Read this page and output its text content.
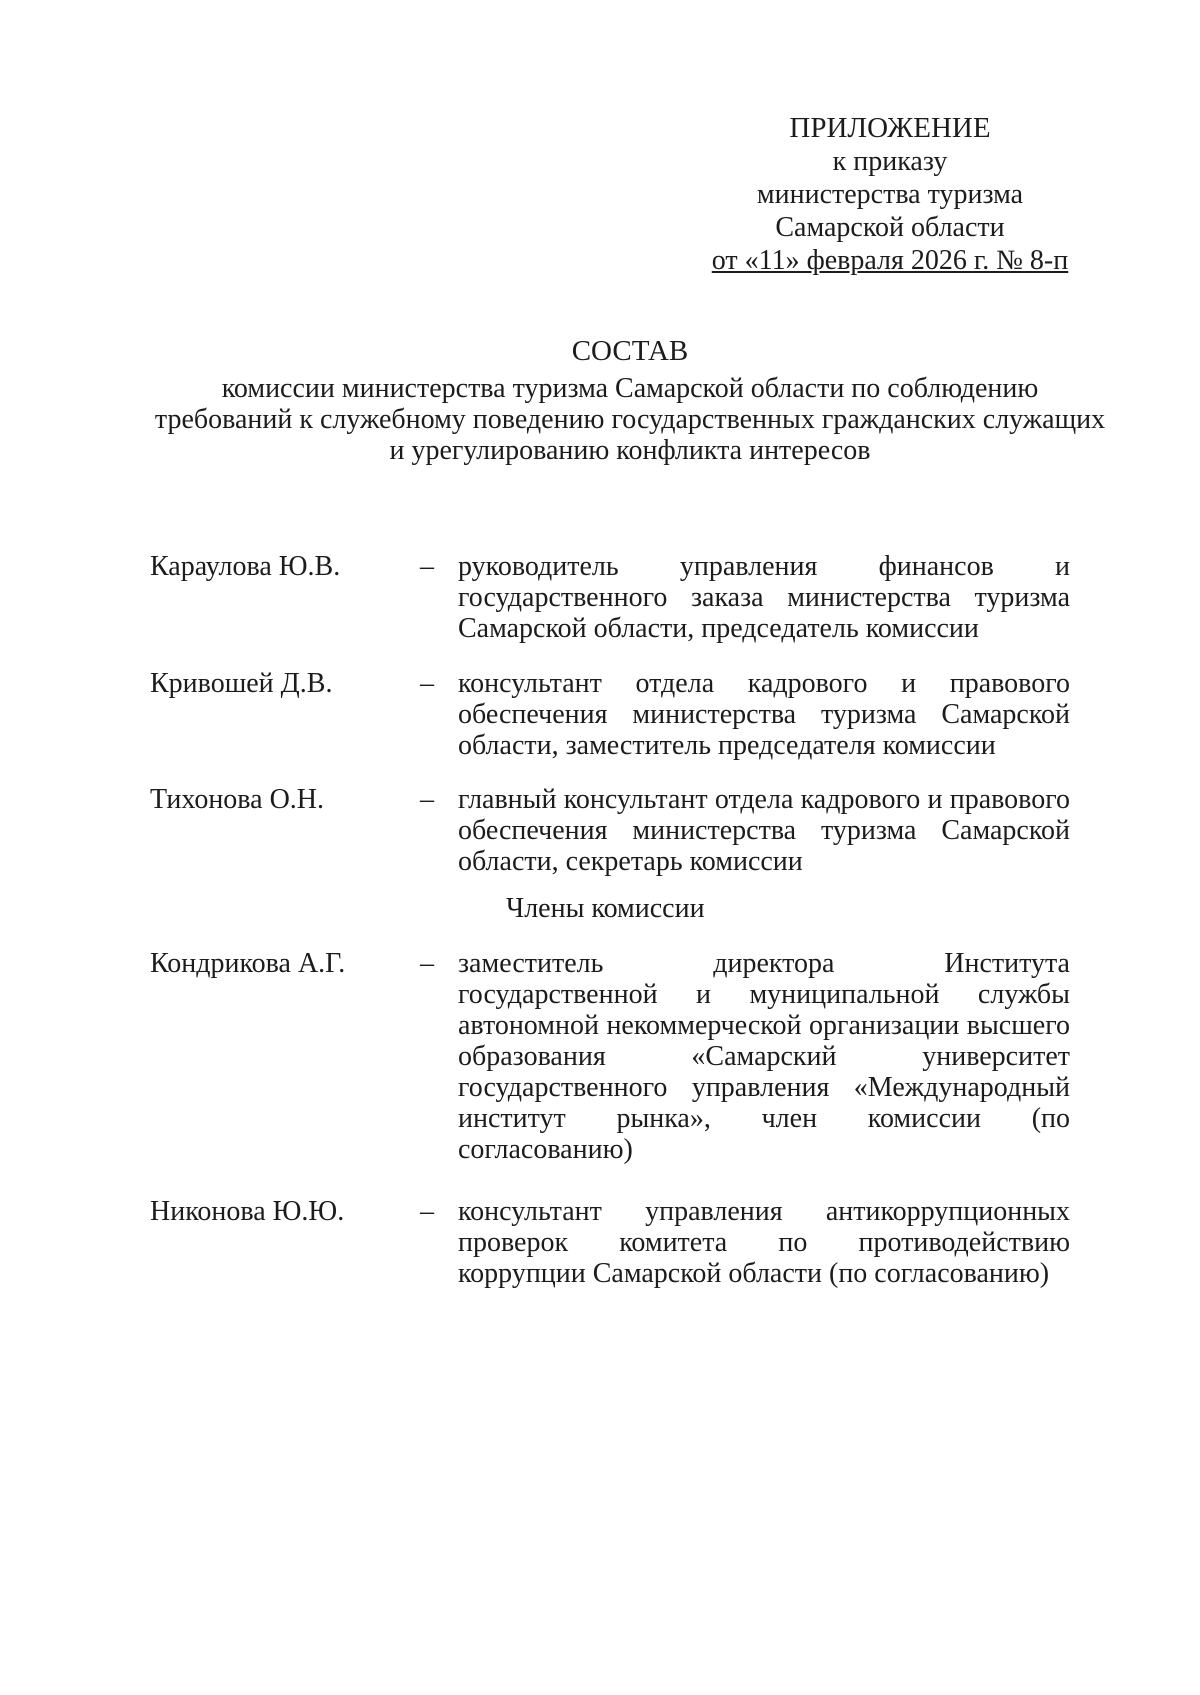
ПРИЛОЖЕНИЕ
к приказу
министерства туризма
Самарской области
от «11» февраля 2026 г. № 8-п
СОСТАВ
комиссии министерства туризма Самарской области по соблюдению
требований к служебному поведению государственных гражданских служащих
и урегулированию конфликта интересов
Караулова Ю.В.	– руководитель управления финансов и государственного заказа министерства туризма Самарской области, председатель комиссии
Кривошей Д.В.	– консультант отдела кадрового и правового обеспечения министерства туризма Самарской области, заместитель председателя комиссии
Тихонова О.Н.	– главный консультант отдела кадрового и правового обеспечения министерства туризма Самарской области, секретарь комиссии
Члены комиссии
Кондрикова А.Г.	– заместитель директора Института государственной и муниципальной службы автономной некоммерческой организации высшего образования «Самарский университет государственного управления «Международный институт рынка», член комиссии (по согласованию)
Никонова Ю.Ю.	– консультант управления антикоррупционных проверок комитета по противодействию коррупции Самарской области (по согласованию)
